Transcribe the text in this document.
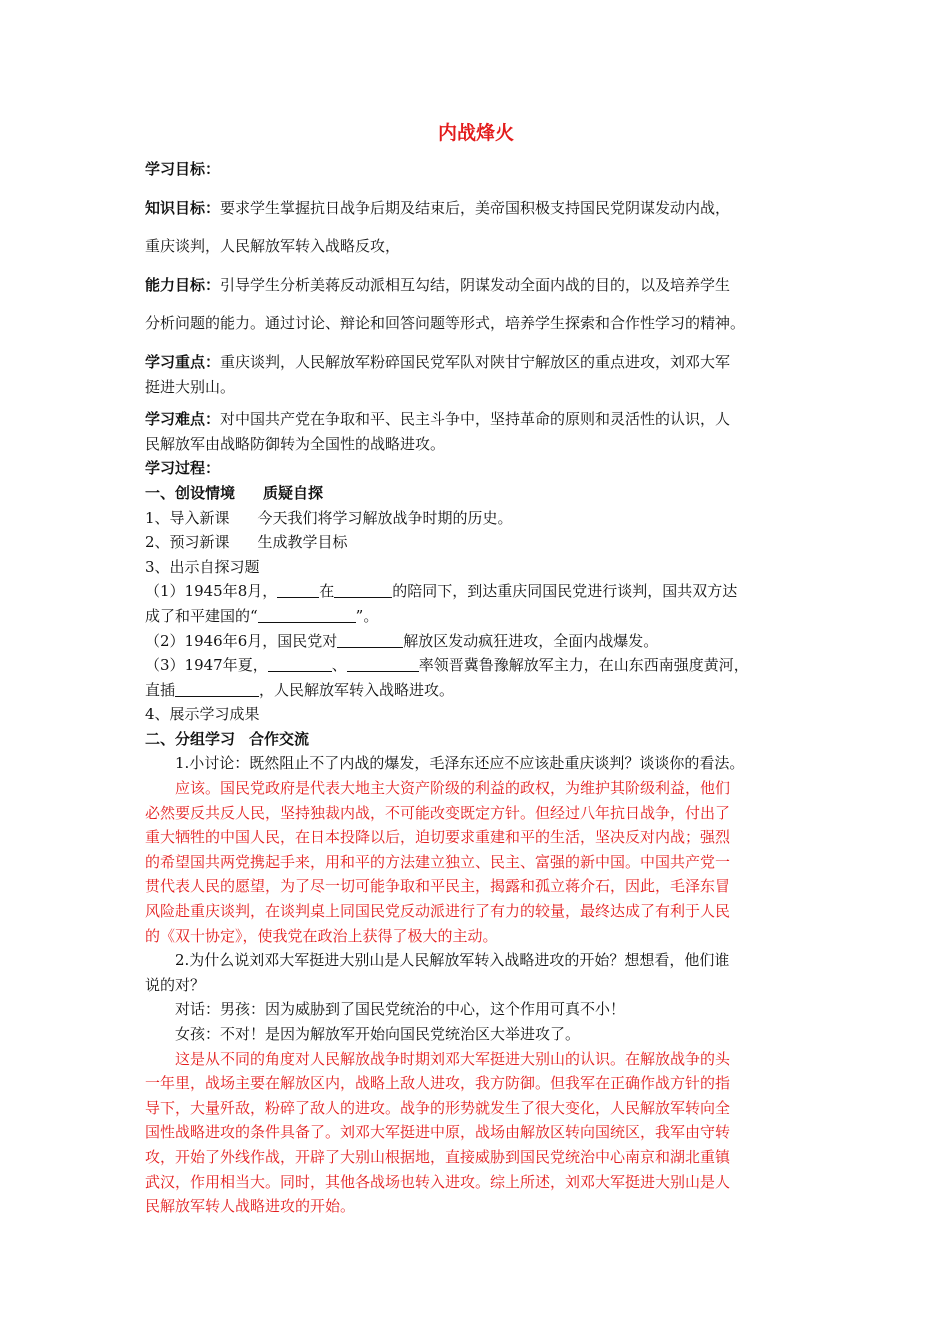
内战烽火

学习目标：

知识目标：要求学生掌握抗日战争后期及结束后，美帝国积极支持国民党阴谋发动内战，

重庆谈判，人民解放军转入战略反攻，

能力目标：引导学生分析美蒋反动派相互勾结，阴谋发动全面内战的目的，以及培养学生

分析问题的能力。通过讨论、辩论和回答问题等形式，培养学生探索和合作性学习的精神。

学习重点：重庆谈判，人民解放军粉碎国民党军队对陕甘宁解放区的重点进攻，刘邓大军

挺进大别山。

学习难点：对中国共产党在争取和平、民主斗争中，坚持革命的原则和灵活性的认识，人

民解放军由战略防御转为全国性的战略进攻。

学习过程：

一、创设情境 质疑自探

1、导入新课 今天我们将学习解放战争时期的历史。

2、预习新课 生成教学目标

3、出示自探习题

（1）1945年8月，	在	的陪同下，到达重庆同国民党进行谈判，国共双方达

成了和平建国的“	”。

（2）1946年6月，国民党对	解放区发动疯狂进攻，全面内战爆发。

（3）1947年夏，	、	率领晋冀鲁豫解放军主力，在山东西南强度黄河，

直插	，人民解放军转入战略进攻。

4、展示学习成果

二、分组学习 合作交流

1.小讨论：既然阻止不了内战的爆发，毛泽东还应不应该赴重庆谈判？谈谈你的看法。

应该。国民党政府是代表大地主大资产阶级的利益的政权，为维护其阶级利益，他们

必然要反共反人民，坚持独裁内战，不可能改变既定方针。但经过八年抗日战争，付出了

重大牺牲的中国人民，在日本投降以后，迫切要求重建和平的生活，坚决反对内战；强烈

的希望国共两党携起手来，用和平的方法建立独立、民主、富强的新中国。中国共产党一

贯代表人民的愿望，为了尽一切可能争取和平民主，揭露和孤立蒋介石，因此，毛泽东冒

风险赴重庆谈判，在谈判桌上同国民党反动派进行了有力的较量，最终达成了有利于人民

的《双十协定》，使我党在政治上获得了极大的主动。

2.为什么说刘邓大军挺进大别山是人民解放军转入战略进攻的开始？想想看，他们谁

说的对？

对话：男孩：因为威胁到了国民党统治的中心，这个作用可真不小！

女孩：不对！是因为解放军开始向国民党统治区大举进攻了。

这是从不同的角度对人民解放战争时期刘邓大军挺进大别山的认识。在解放战争的头

一年里，战场主要在解放区内，战略上敌人进攻，我方防御。但我军在正确作战方针的指

导下，大量歼敌，粉碎了敌人的进攻。战争的形势就发生了很大变化，人民解放军转向全

国性战略进攻的条件具备了。刘邓大军挺进中原，战场由解放区转向国统区，我军由守转

攻，开始了外线作战，开辟了大别山根据地，直接威胁到国民党统治中心南京和湖北重镇

武汉，作用相当大。同时，其他各战场也转入进攻。综上所述，刘邓大军挺进大别山是人

民解放军转人战略进攻的开始。
